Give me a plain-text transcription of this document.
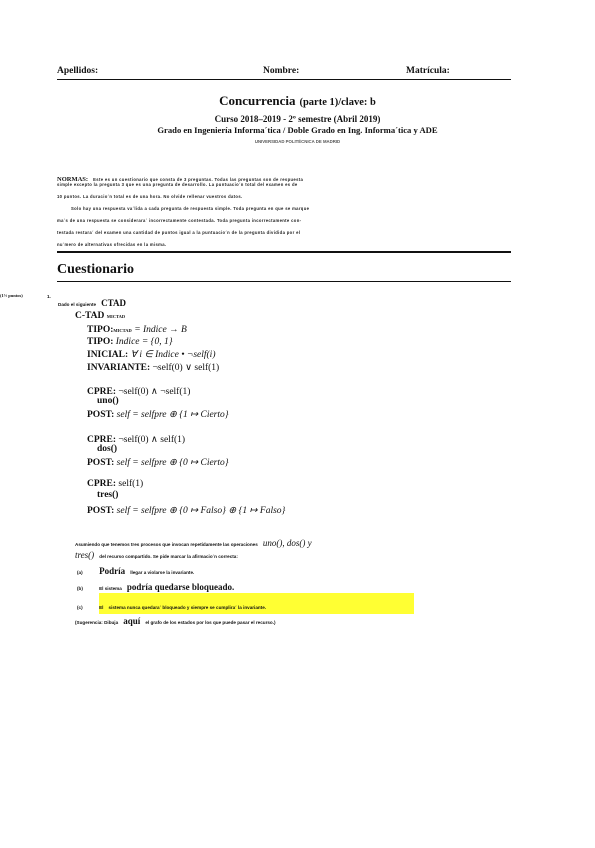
Apellidos:	Nombre:	Matrícula:
Concurrencia (parte 1)/clave: b
Curso 2018–2019 - 2º semestre (Abril 2019)
Grado en Ingeniería Informa´tica / Doble Grado en Ing. Informa´tica y ADE
UNIVERSIDAD POLITÉCNICA DE MADRID
NORMAS: Este es un cuestionario que consta de 3 preguntas. Todas las preguntas son de respuesta
simple excepto la pregunta 3 que es una pregunta de desarrollo. La puntuacio´n total del examen es de
10 puntos. La duracio´n total es de una hora. No olvide rellenar vuestros datos.
Solo hay una respuesta va´lida a cada pregunta de respuesta simple. Toda pregunta en que se marque
ma´s de una respuesta se considerara´ incorrectamente contestada. Toda pregunta incorrectamente con-
testada restara´ del examen una cantidad de puntos igual a la puntuacio´n de la pregunta dividida por el
nu´mero de alternativas ofrecidas en la misma.
Cuestionario
(1½ puntos)	1.
Dado el siguiente CTAD
C-TAD MICTAD
TIPO:MICTAD = Indice → B
TIPO: Indice = {0, 1}
INICIAL: ∀ i ∈ Indice • ¬self(i)
INVARIANTE: ¬self(0) ∨ self(1)
CPRE: ¬self(0) ∧ ¬self(1)
uno()
POST: self = selfpre ⊕ {1 ↦ Cierto}
CPRE: ¬self(0) ∧ self(1)
dos()
POST: self = selfpre ⊕ {0 ↦ Cierto}
CPRE: self(1)
tres()
POST: self = selfpre ⊕ {0 ↦ Falso} ⊕ {1 ↦ Falso}
Asumiendo que tenemos tres procesos que invocan repetidamente las operaciones uno(), dos() y
tres() del recurso compartido. Se pide marcar la afirmacio´n correcta:
(a) Podría llegar a violarse la invariante.
(b)	El sistema podría quedarse bloqueado.
(c)	El sistema nunca quedara´ bloqueado y siempre se cumplira´ la invariante.
(Sugerencia: Dibuja aquí el grafo de los estados por los que puede pasar el recurso.)
